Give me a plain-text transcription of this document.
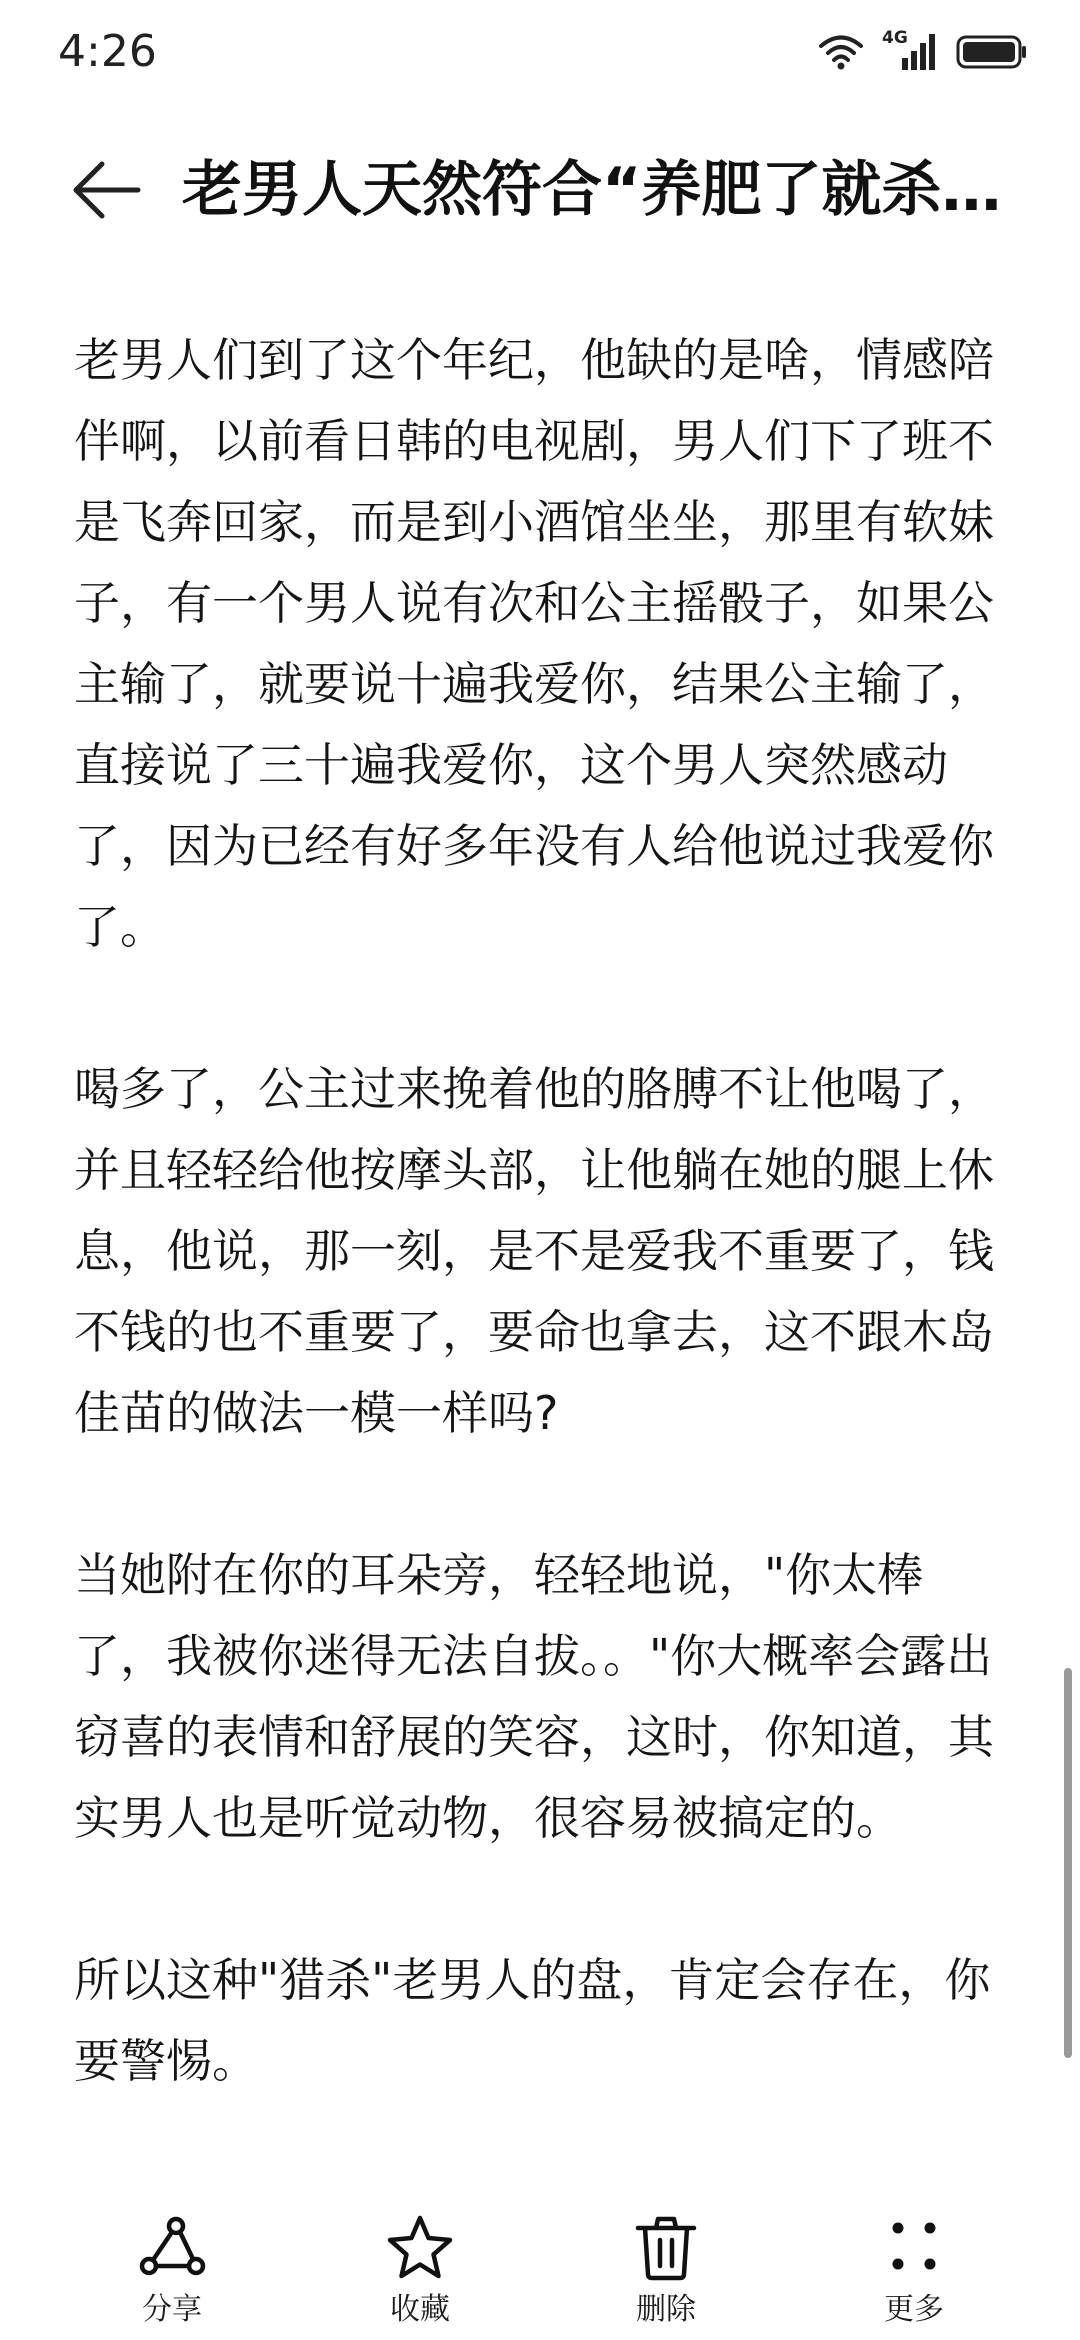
4:26	4G
老男人天然符合“养肥了就杀…

老男人们到了这个年纪，他缺的是啥，情感陪伴啊，以前看日韩的电视剧，男人们下了班不是飞奔回家，而是到小酒馆坐坐，那里有软妹子，有一个男人说有次和公主摇骰子，如果公主输了，就要说十遍我爱你，结果公主输了，直接说了三十遍我爱你，这个男人突然感动了，因为已经有好多年没有人给他说过我爱你了。

喝多了，公主过来挽着他的胳膊不让他喝了，并且轻轻给他按摩头部，让他躺在她的腿上休息，他说，那一刻，是不是爱我不重要了，钱不钱的也不重要了，要命也拿去，这不跟木岛佳苗的做法一模一样吗?

当她附在你的耳朵旁，轻轻地说，"你太棒了，我被你迷得无法自拔。。"你大概率会露出窃喜的表情和舒展的笑容，这时，你知道，其实男人也是听觉动物，很容易被搞定的。

所以这种"猎杀"老男人的盘，肯定会存在，你要警惕。

分享	收藏	删除	更多
